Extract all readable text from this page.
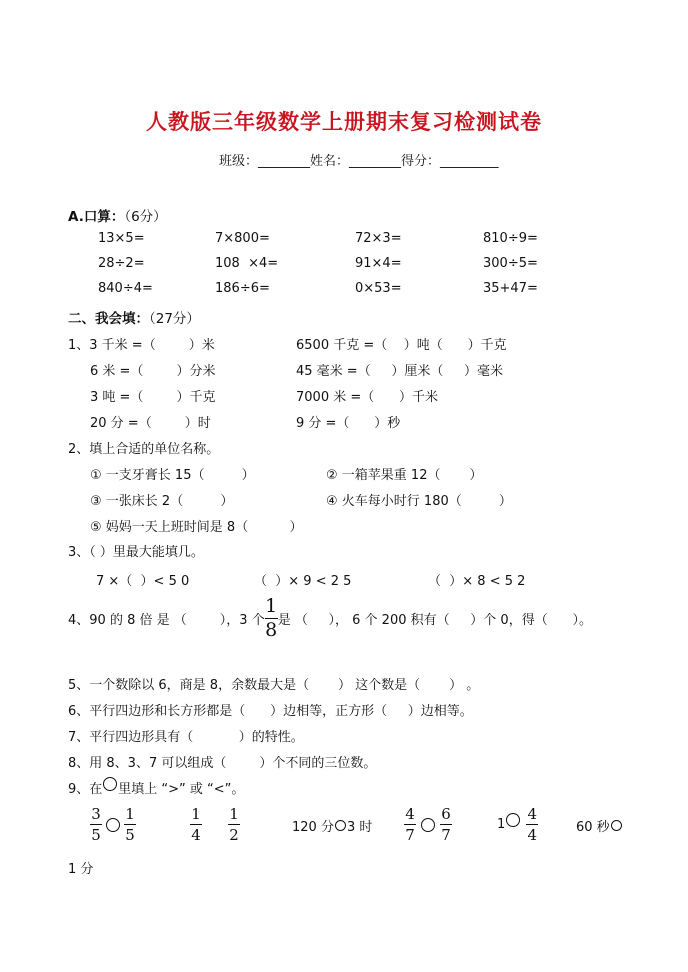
人教版三年级数学上册期末复习检测试卷
班级：________姓名：________得分：_________
A.口算：（6分）
13×5=	7×800=	72×3=	810÷9=
28÷2=	108  ×4=	91×4=	300÷5=
840÷4=	186÷6=	0×53=	35+47=
二、我会填：（27分）
1、3 千米 =（        ）米	6500 千克 =（    ）吨（      ）千克
6 米 =（        ）分米	45 毫米 =（     ）厘米（     ）毫米
3 吨 =（        ）千克	7000 米 =（      ）千米
20 分 =（        ）时	9 分 =（      ）秒
2、填上合适的单位名称。
① 一支牙膏长 15（         ）	② 一箱苹果重 12（       ）
③ 一张床长 2（         ）	④ 火车每小时行 180（         ）
⑤ 妈妈一天上班时间是 8（          ）
3、（ ）里最大能填几。
7 ×（  ）< 5 0	（  ）× 9 < 2 5	（  ）× 8 < 5 2
4、90 的 8 倍 是 （        ），3 个 $\frac{1}{8}$ 是 （     ）， 6 个 200 积有（     ）个 0，得（      ）。
5、一个数除以 6，商是 8，余数最大是（       ） 这个数是（       ） 。
6、平行四边形和长方形都是（      ）边相等，正方形（     ）边相等。
7、平行四边形具有（           ）的特性。
8、用 8、3、7 可以组成（        ）个不同的三位数。
9、在 里填上 “>” 或 “<”。
$\frac{3}{5} \frac{1}{5}$	$\frac{1}{4} \frac{1}{2}$	120 分 3 时 $\frac{4}{7} \frac{6}{7}$	$1 \frac{4}{4}$	60 秒
1 分
